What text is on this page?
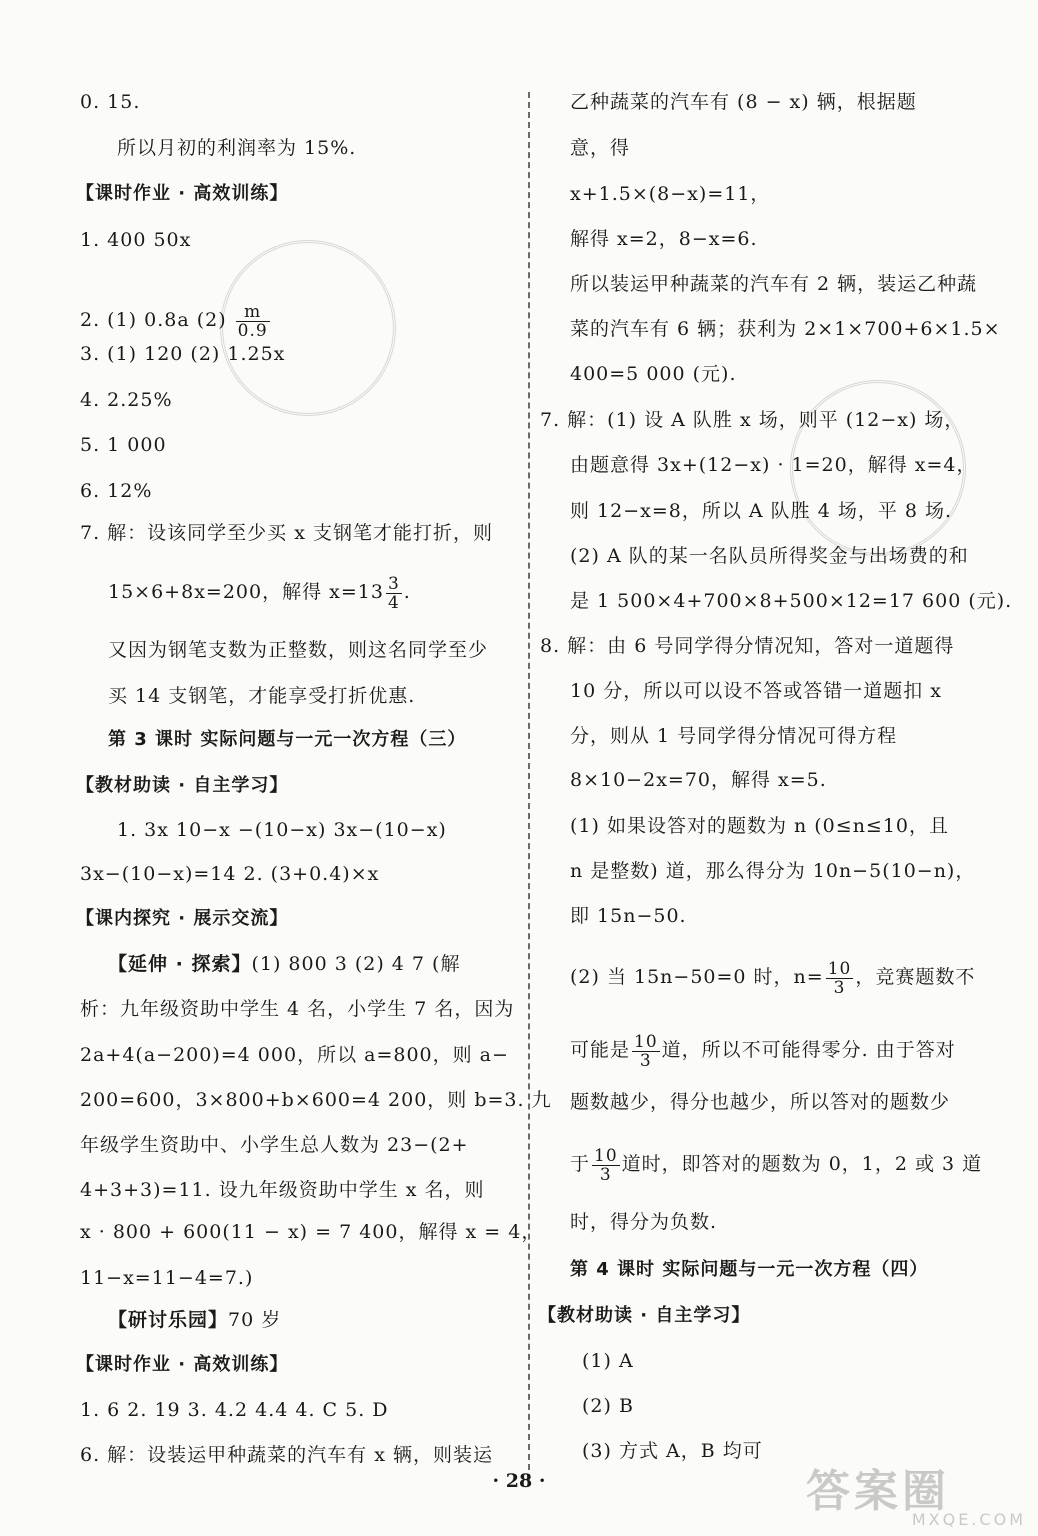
0. 15.
所以月初的利润率为 15%.
【课时作业 · 高效训练】
1. 400 50x
2. (1) 0.8a $(2) \frac{m}{0.9}$
3. (1) 120 (2) 1.25x
4. 2.25%
5. 1 000
6. 12%
7. 解：设该同学至少买 x 支钢笔才能打折，则
15×6+8x=200，解得 $x=13 \frac{3}{4}$ .
又因为钢笔支数为正整数，则这名同学至少
买 14 支钢笔，才能享受打折优惠.
第 3 课时 实际问题与一元一次方程（三）
【教材助读 · 自主学习】
1. 3x 10−x −(10−x) 3x−(10−x)
3x−(10−x)=14 2. (3+0.4)×x
【课内探究 · 展示交流】
【延伸 · 探索】(1) 800 3 (2) 4 7 (解
析：九年级资助中学生 4 名，小学生 7 名，因为
2a+4(a−200)=4 000，所以 a=800，则 a−
200=600，3×800+b×600=4 200，则 b=3. 九
年级学生资助中、小学生总人数为 23−(2+
4+3+3)=11. 设九年级资助中学生 x 名，则
x · 800 + 600(11 − x) = 7 400，解得 x = 4，
11−x=11−4=7.)
【研讨乐园】70 岁
【课时作业 · 高效训练】
1. 6 2. 19 3. 4.2 4.4 4. C 5. D
6. 解：设装运甲种蔬菜的汽车有 x 辆，则装运
乙种蔬菜的汽车有 (8 − x) 辆，根据题
意，得
x+1.5×(8−x)=11，
解得 x=2，8−x=6.
所以装运甲种蔬菜的汽车有 2 辆，装运乙种蔬
菜的汽车有 6 辆；获利为 2×1×700+6×1.5×
400=5 000 (元).
7. 解：(1) 设 A 队胜 x 场，则平 (12−x) 场，
由题意得 3x+(12−x) · 1=20，解得 x=4，
则 12−x=8，所以 A 队胜 4 场，平 8 场.
(2) A 队的某一名队员所得奖金与出场费的和
是 1 500×4+700×8+500×12=17 600 (元).
8. 解：由 6 号同学得分情况知，答对一道题得
10 分，所以可以设不答或答错一道题扣 x
分，则从 1 号同学得分情况可得方程
8×10−2x=70，解得 x=5.
(1) 如果设答对的题数为 n (0≤n≤10，且
n 是整数) 道，那么得分为 10n−5(10−n)，
即 15n−50.
(2) 当 15n−50=0 时，$n= \frac{10}{3}$ ，竞赛题数不
可能是 $\frac{10}{3}$ 道，所以不可能得零分. 由于答对
题数越少，得分也越少，所以答对的题数少
于 $\frac{10}{3}$ 道时，即答对的题数为 0，1，2 或 3 道
时，得分为负数.
第 4 课时 实际问题与一元一次方程（四）
【教材助读 · 自主学习】
(1) A
(2) B
(3) 方式 A，B 均可
· 28 ·	答案圈
MXQE.COM
